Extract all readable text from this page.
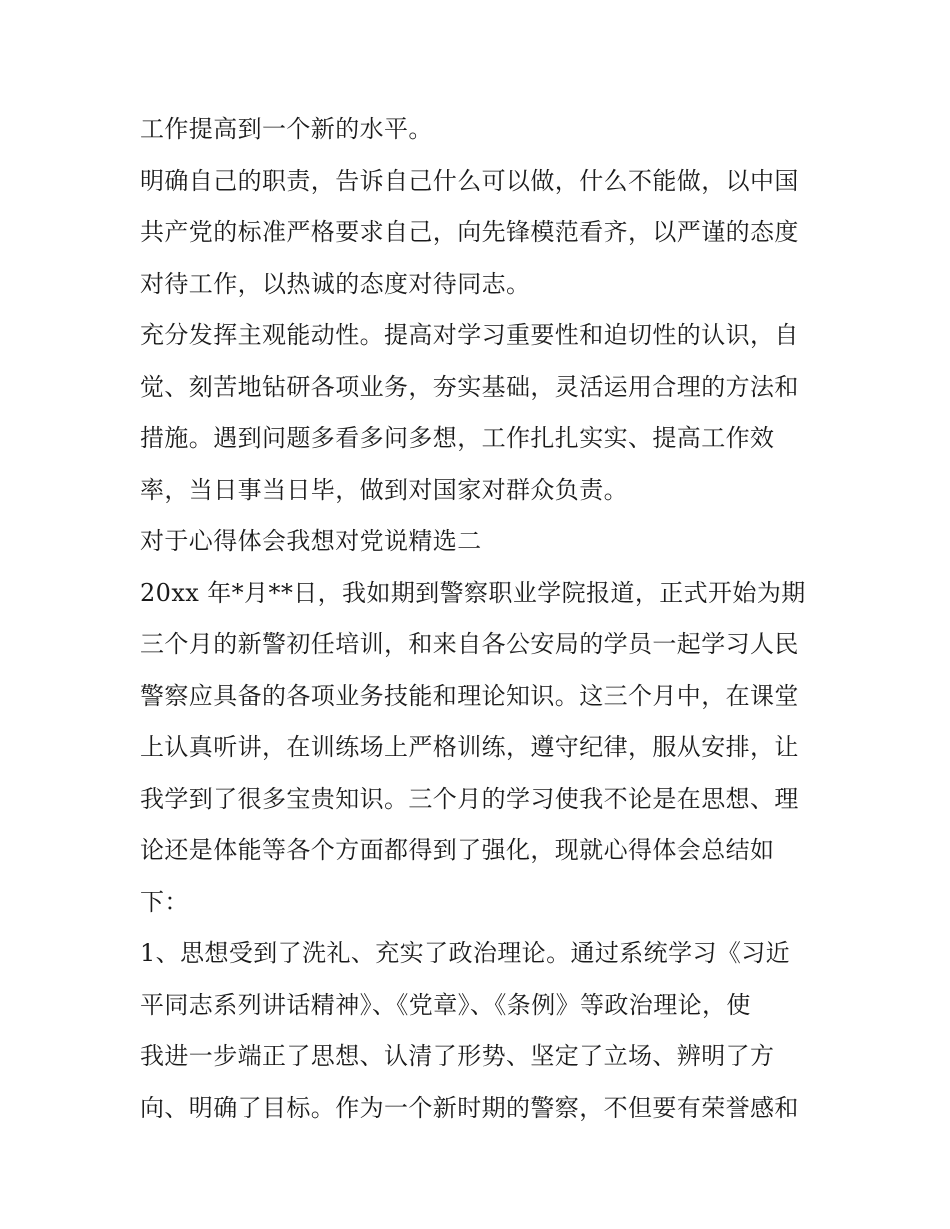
工作提高到一个新的水平。
明确自己的职责，告诉自己什么可以做，什么不能做，以中国
共产党的标准严格要求自己，向先锋模范看齐，以严谨的态度
对待工作，以热诚的态度对待同志。
充分发挥主观能动性。提高对学习重要性和迫切性的认识，自
觉、刻苦地钻研各项业务，夯实基础，灵活运用合理的方法和
措施。遇到问题多看多问多想，工作扎扎实实、提高工作效
率，当日事当日毕，做到对国家对群众负责。
对于心得体会我想对党说精选二
20xx 年*月**日，我如期到警察职业学院报道，正式开始为期
三个月的新警初任培训，和来自各公安局的学员一起学习人民
警察应具备的各项业务技能和理论知识。这三个月中，在课堂
上认真听讲，在训练场上严格训练，遵守纪律，服从安排，让
我学到了很多宝贵知识。三个月的学习使我不论是在思想、理
论还是体能等各个方面都得到了强化，现就心得体会总结如
下：
1、思想受到了洗礼、充实了政治理论。通过系统学习《习近
平同志系列讲话精神》、《党章》、《条例》等政治理论，使
我进一步端正了思想、认清了形势、坚定了立场、辨明了方
向、明确了目标。作为一个新时期的警察，不但要有荣誉感和
